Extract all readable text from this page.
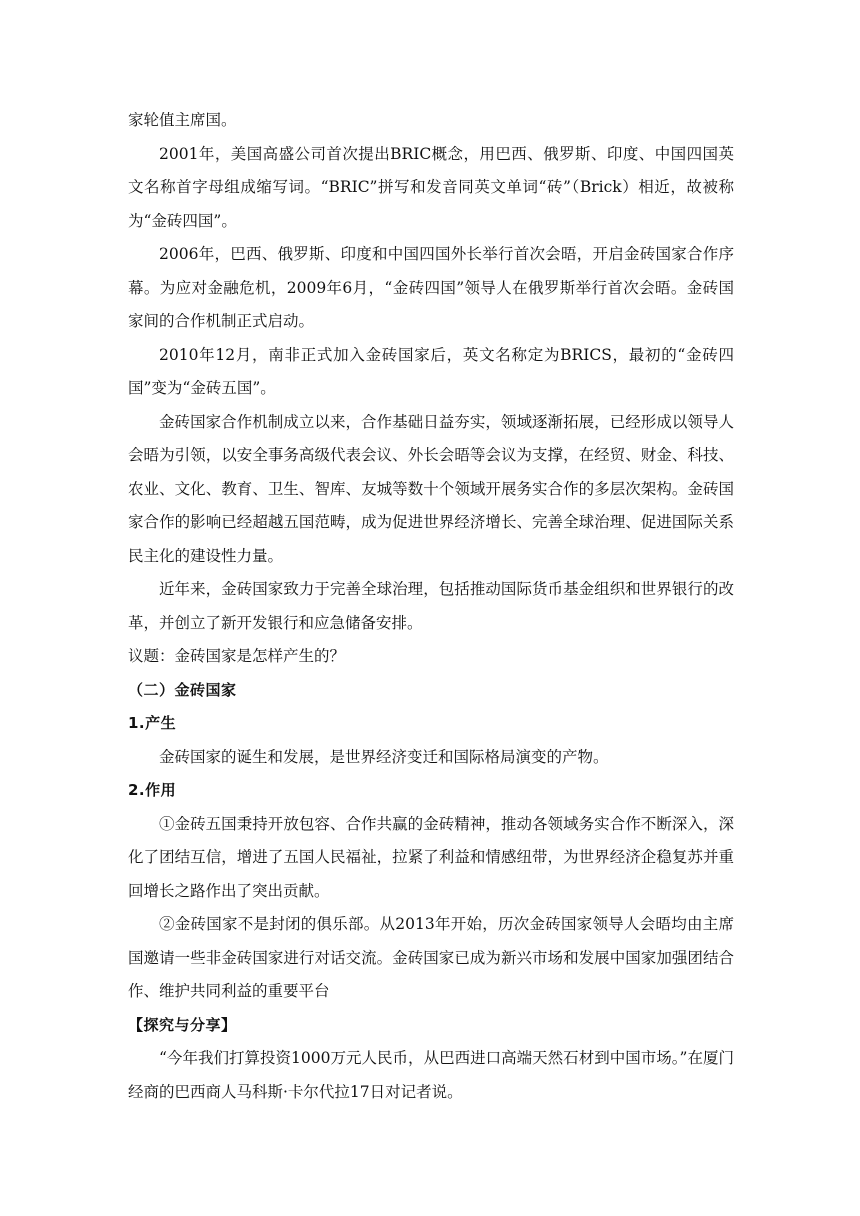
家轮值主席国。

2001年，美国高盛公司首次提出BRIC概念，用巴西、俄罗斯、印度、中国四国英文名称首字母组成缩写词。“BRIC”拼写和发音同英文单词“砖”（Brick）相近，故被称为“金砖四国”。

2006年，巴西、俄罗斯、印度和中国四国外长举行首次会晤，开启金砖国家合作序幕。为应对金融危机，2009年6月，“金砖四国”领导人在俄罗斯举行首次会晤。金砖国家间的合作机制正式启动。

2010年12月，南非正式加入金砖国家后，英文名称定为BRICS，最初的“金砖四国”变为“金砖五国”。

金砖国家合作机制成立以来，合作基础日益夯实，领域逐渐拓展，已经形成以领导人会晤为引领，以安全事务高级代表会议、外长会晤等会议为支撑，在经贸、财金、科技、农业、文化、教育、卫生、智库、友城等数十个领域开展务实合作的多层次架构。金砖国家合作的影响已经超越五国范畴，成为促进世界经济增长、完善全球治理、促进国际关系民主化的建设性力量。

近年来，金砖国家致力于完善全球治理，包括推动国际货币基金组织和世界银行的改革，并创立了新开发银行和应急储备安排。

议题：金砖国家是怎样产生的？

（二）金砖国家

1.产生

金砖国家的诞生和发展，是世界经济变迁和国际格局演变的产物。

2.作用

①金砖五国秉持开放包容、合作共赢的金砖精神，推动各领域务实合作不断深入，深化了团结互信，增进了五国人民福祉，拉紧了利益和情感纽带，为世界经济企稳复苏并重回增长之路作出了突出贡献。

②金砖国家不是封闭的俱乐部。从2013年开始，历次金砖国家领导人会晤均由主席国邀请一些非金砖国家进行对话交流。金砖国家已成为新兴市场和发展中国家加强团结合作、维护共同利益的重要平台

【探究与分享】

“今年我们打算投资1000万元人民币，从巴西进口高端天然石材到中国市场。”在厦门经商的巴西商人马科斯·卡尔代拉17日对记者说。
